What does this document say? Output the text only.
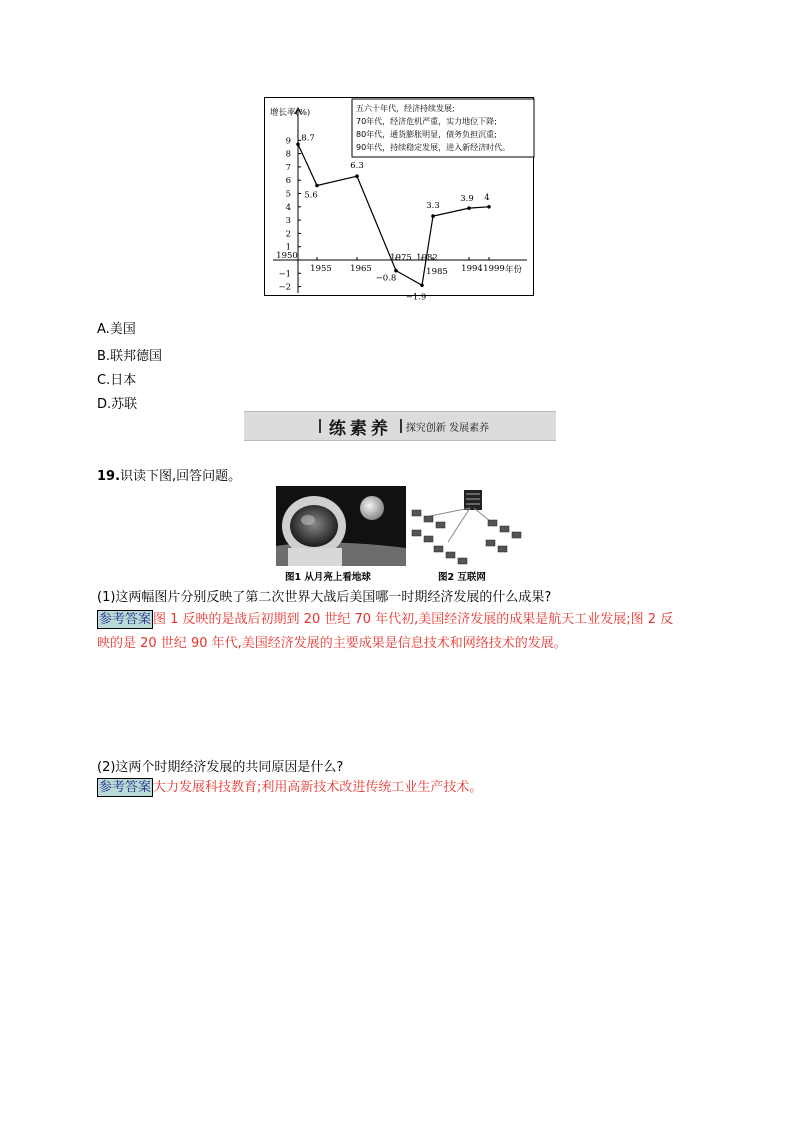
9
8
7
6
5
4
3
2
1
−1
−2
1950
1955 1965
1975 1982
1985 1994 1999
8.7
5.6
6.3
−0.8
−1.9
3.3
3.9 4
五六十年代，经济持续发展;
70年代，经济危机严重，实力地位下降;
80年代，通货膨胀明显，债务负担沉重;
90年代，持续稳定发展，进入新经济时代。
增长率(%)
年份
A.美国
B.联邦德国
C.日本
D.苏联
练素养 探究创新 发展素养
19.识读下图,回答问题。
图1 从月亮上看地球	图2 互联网
(1)这两幅图片分别反映了第二次世界大战后美国哪一时期经济发展的什么成果?
参考答案 图 1 反映的是战后初期到 20 世纪 70 年代初,美国经济发展的成果是航天工业发展;图 2 反
映的是 20 世纪 90 年代,美国经济发展的主要成果是信息技术和网络技术的发展。
(2)这两个时期经济发展的共同原因是什么?
参考答案 大力发展科技教育;利用高新技术改进传统工业生产技术。
